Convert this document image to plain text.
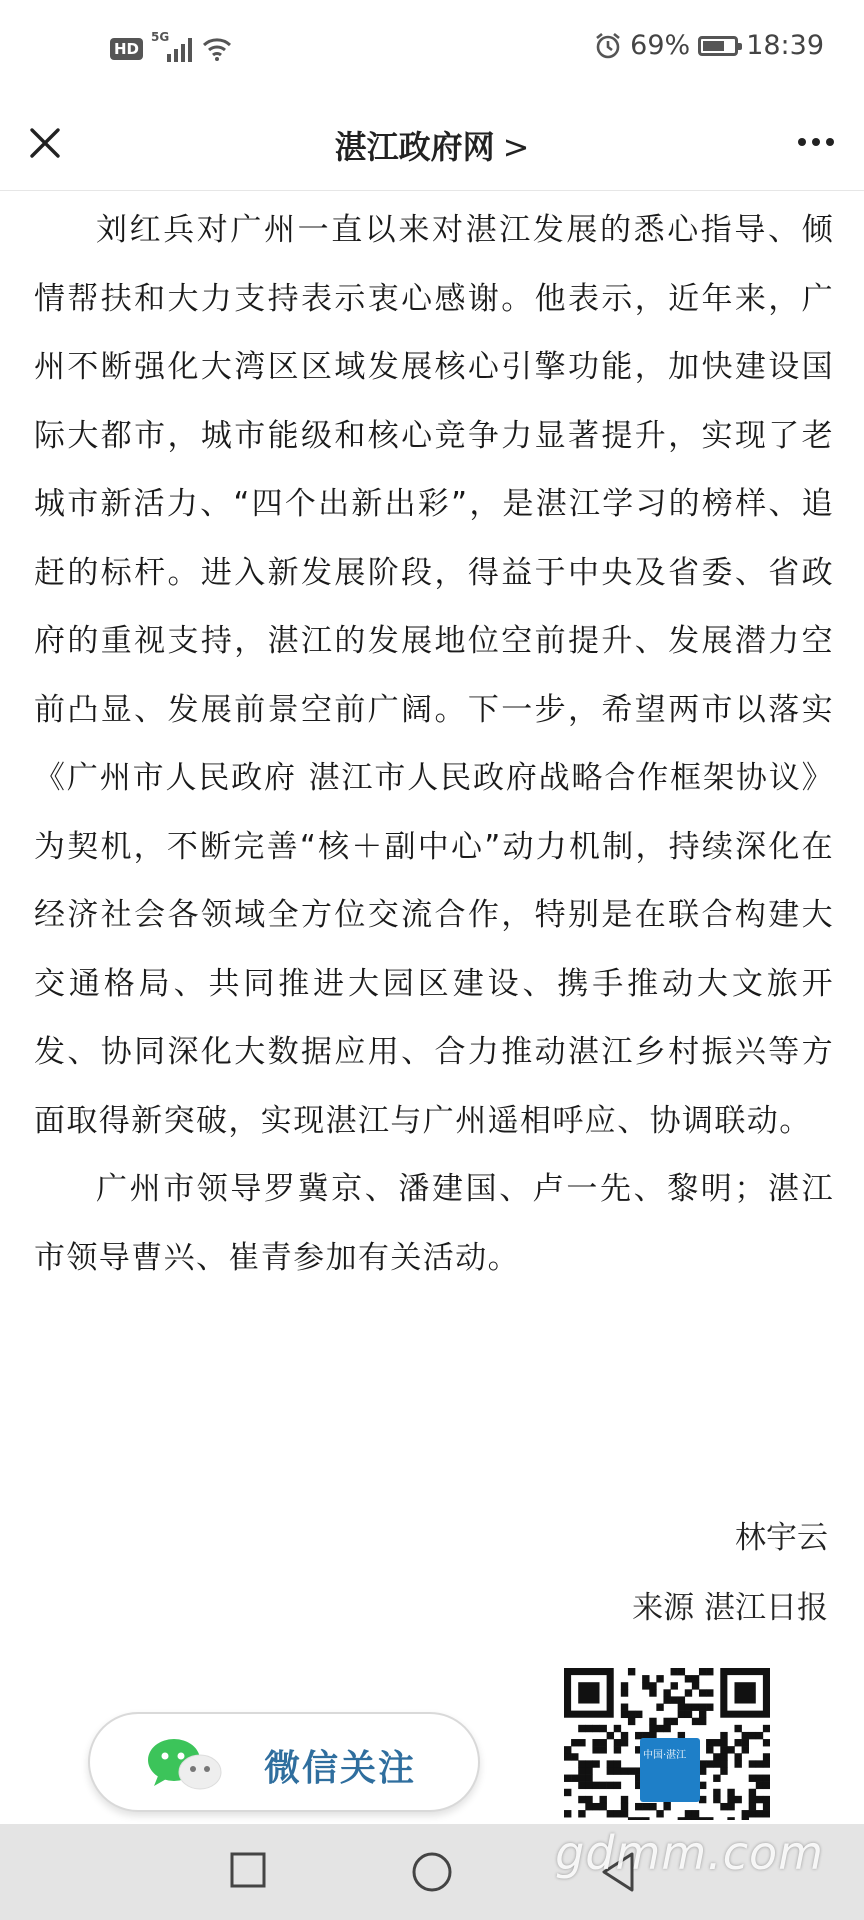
HD
5G	69% 18:39
湛江政府网 >

刘红兵对广州一直以来对湛江发展的悉心指导、倾情帮扶和大力支持表示衷心感谢。他表示，近年来，广州不断强化大湾区区域发展核心引擎功能，加快建设国际大都市，城市能级和核心竞争力显著提升，实现了老城市新活力、“四个出新出彩”，是湛江学习的榜样、追赶的标杆。进入新发展阶段，得益于中央及省委、省政府的重视支持，湛江的发展地位空前提升、发展潜力空前凸显、发展前景空前广阔。下一步，希望两市以落实《广州市人民政府 湛江市人民政府战略合作框架协议》为契机，不断完善“核＋副中心”动力机制，持续深化在经济社会各领域全方位交流合作，特别是在联合构建大交通格局、共同推进大园区建设、携手推动大文旅开发、协同深化大数据应用、合力推动湛江乡村振兴等方面取得新突破，实现湛江与广州遥相呼应、协调联动。

广州市领导罗冀京、潘建国、卢一先、黎明；湛江市领导曹兴、崔青参加有关活动。

林宇云
来源 湛江日报
微信关注	中国·湛江
gdmm.com
